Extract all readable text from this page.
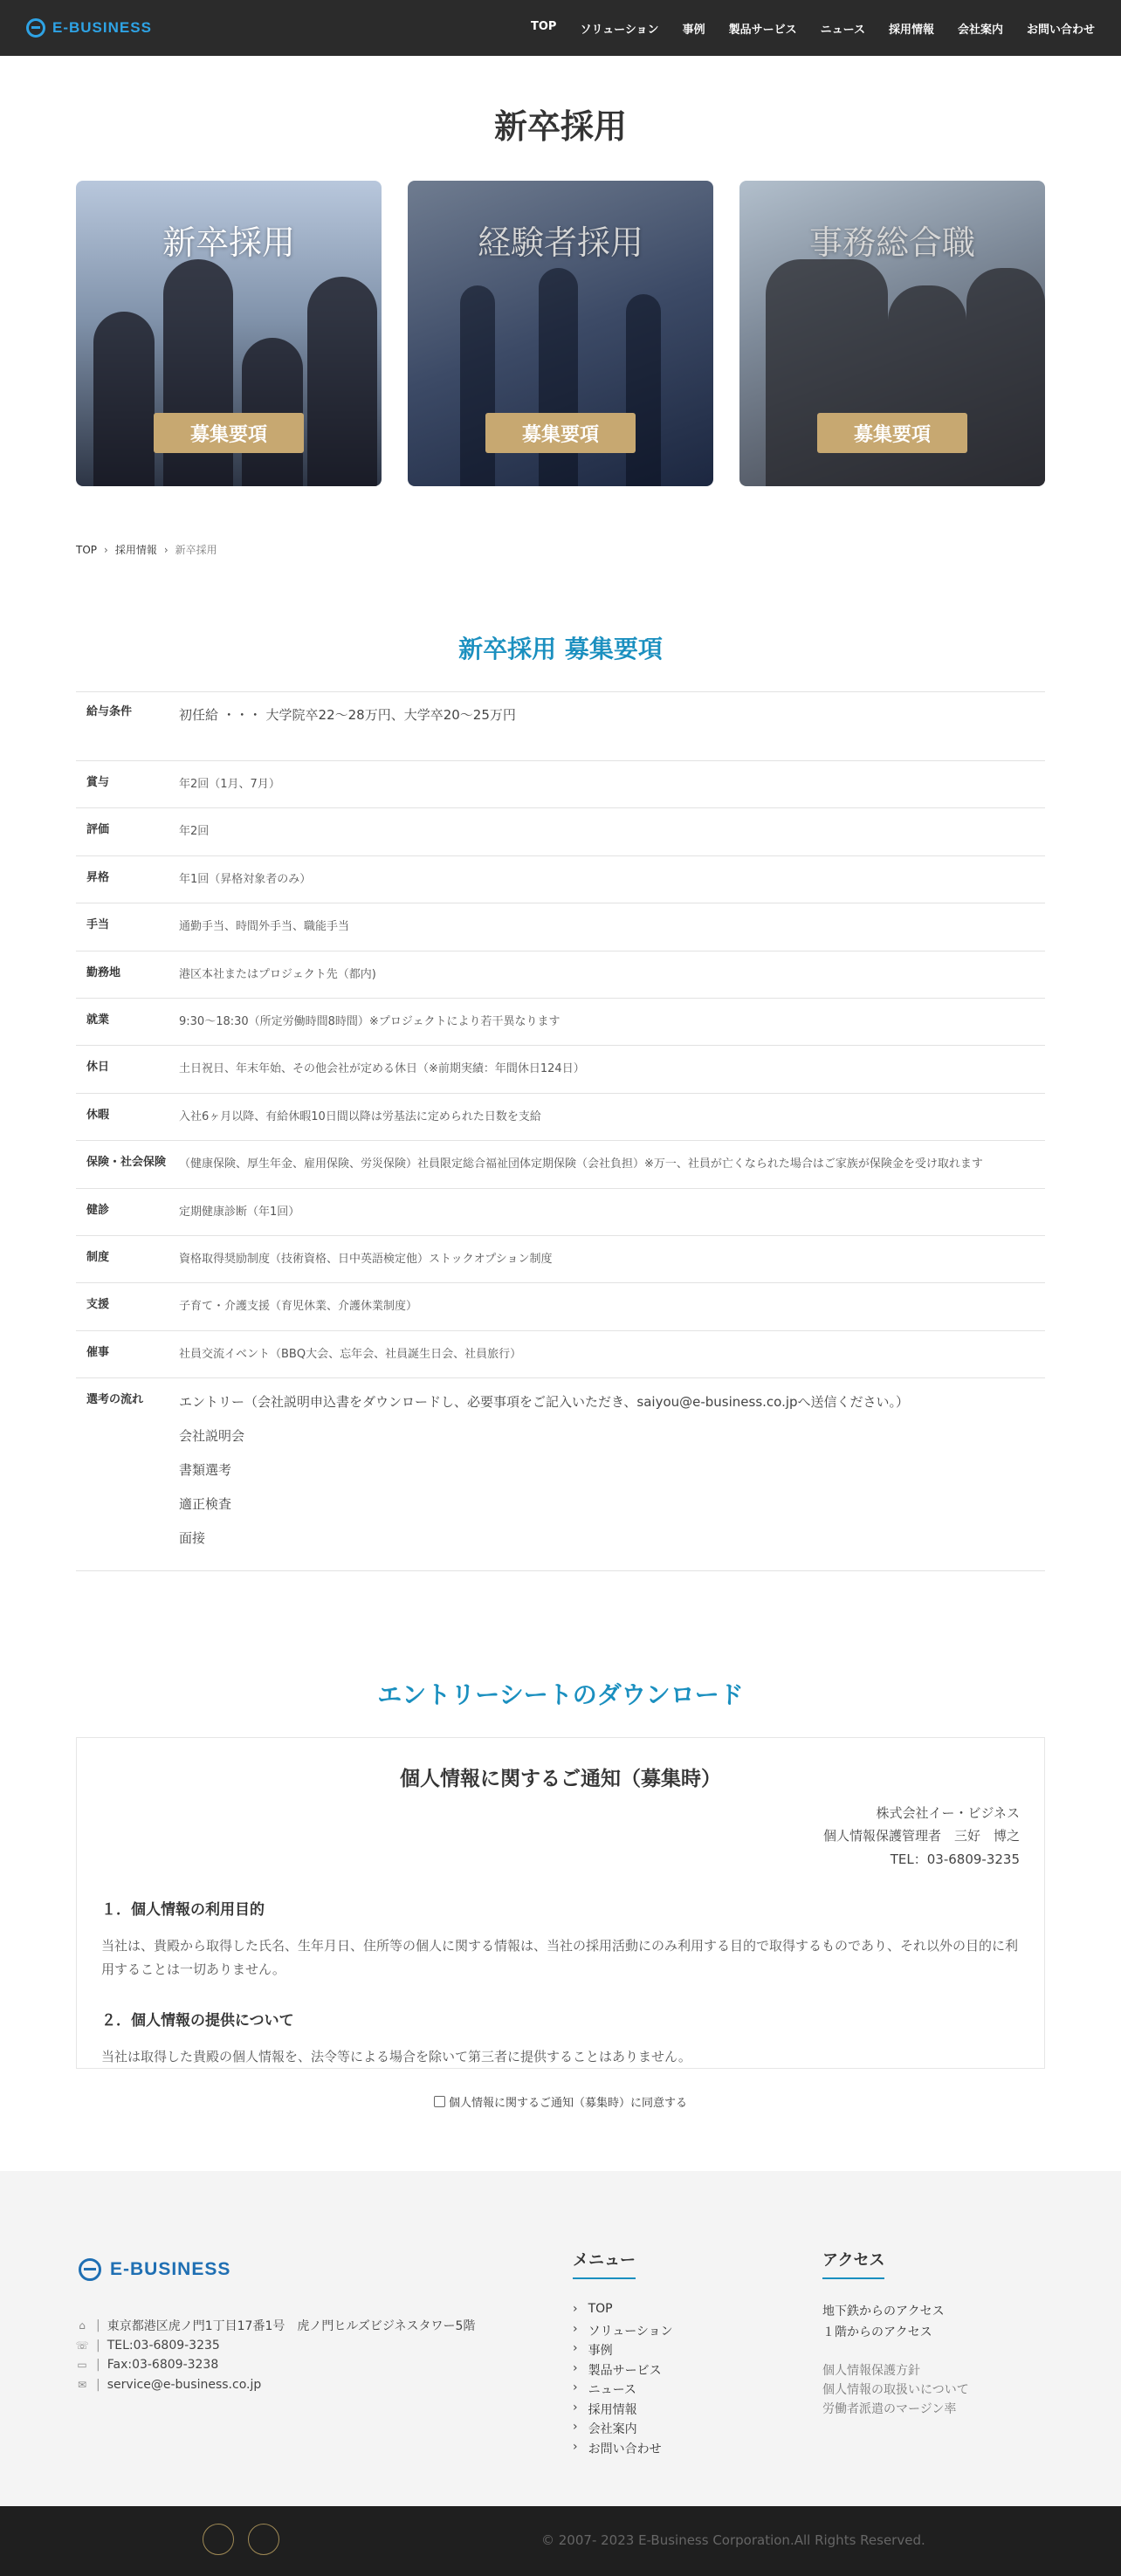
E-BUSINESS	TOP ソリューション 事例 製品サービス ニュース 採用情報 会社案内 お問い合わせ
新卒採用
新卒採用
募集要項
経験者採用
募集要項
事務総合職
募集要項
TOP › 採用情報 › 新卒採用
新卒採用 募集要項
給与条件	初任給 ・・・ 大学院卒22〜28万円、大学卒20〜25万円
賞与	年2回（1月、7月）
評価	年2回
昇格	年1回（昇格対象者のみ）
手当	通勤手当、時間外手当、職能手当
勤務地	港区本社またはプロジェクト先（都内)
就業	9:30〜18:30（所定労働時間8時間）※プロジェクトにより若干異なります
休日	土日祝日、年末年始、その他会社が定める休日（※前期実績：年間休日124日）
休暇	入社6ヶ月以降、有給休暇10日間以降は労基法に定められた日数を支給
保険・社会保険	（健康保険、厚生年金、雇用保険、労災保険）社員限定総合福祉団体定期保険（会社負担）※万一、社員が亡くなられた場合はご家族が保険金を受け取れます
健診	定期健康診断（年1回）
制度	資格取得奨励制度（技術資格、日中英語検定他）ストックオプション制度
支援	子育て・介護支援（育児休業、介護休業制度）
催事	社員交流イベント（BBQ大会、忘年会、社員誕生日会、社員旅行）
選考の流れ	エントリー（会社説明申込書をダウンロードし、必要事項をご記入いただき、saiyou@e-business.co.jpへ送信ください。）
会社説明会
書類選考
適正検査
面接
エントリーシートのダウンロード
個人情報に関するご通知（募集時）
株式会社イー・ビジネス
個人情報保護管理者　三好　博之
TEL：03-6809-3235
１．個人情報の利用目的
当社は、貴殿から取得した氏名、生年月日、住所等の個人に関する情報は、当社の採用活動にのみ利用する目的で取得するものであり、それ以外の目的に利用することは一切ありません。
２．個人情報の提供について
当社は取得した貴殿の個人情報を、法令等による場合を除いて第三者に提供することはありません。
個人情報に関するご通知（募集時）に同意する
E-BUSINESS
⌂ | 東京都港区虎ノ門1丁目17番1号　虎ノ門ヒルズビジネスタワー5階
☏ | TEL:03-6809-3235
▭ | Fax:03-6809-3238
✉ | service@e-business.co.jp
メニュー
› TOP
› ソリューション
› 事例
› 製品サービス
› ニュース
› 採用情報
› 会社案内
› お問い合わせ
アクセス
地下鉄からのアクセス
１階からのアクセス
個人情報保護方針
個人情報の取扱いについて
労働者派遣のマージン率
© 2007- 2023 E-Business Corporation.All Rights Reserved.
